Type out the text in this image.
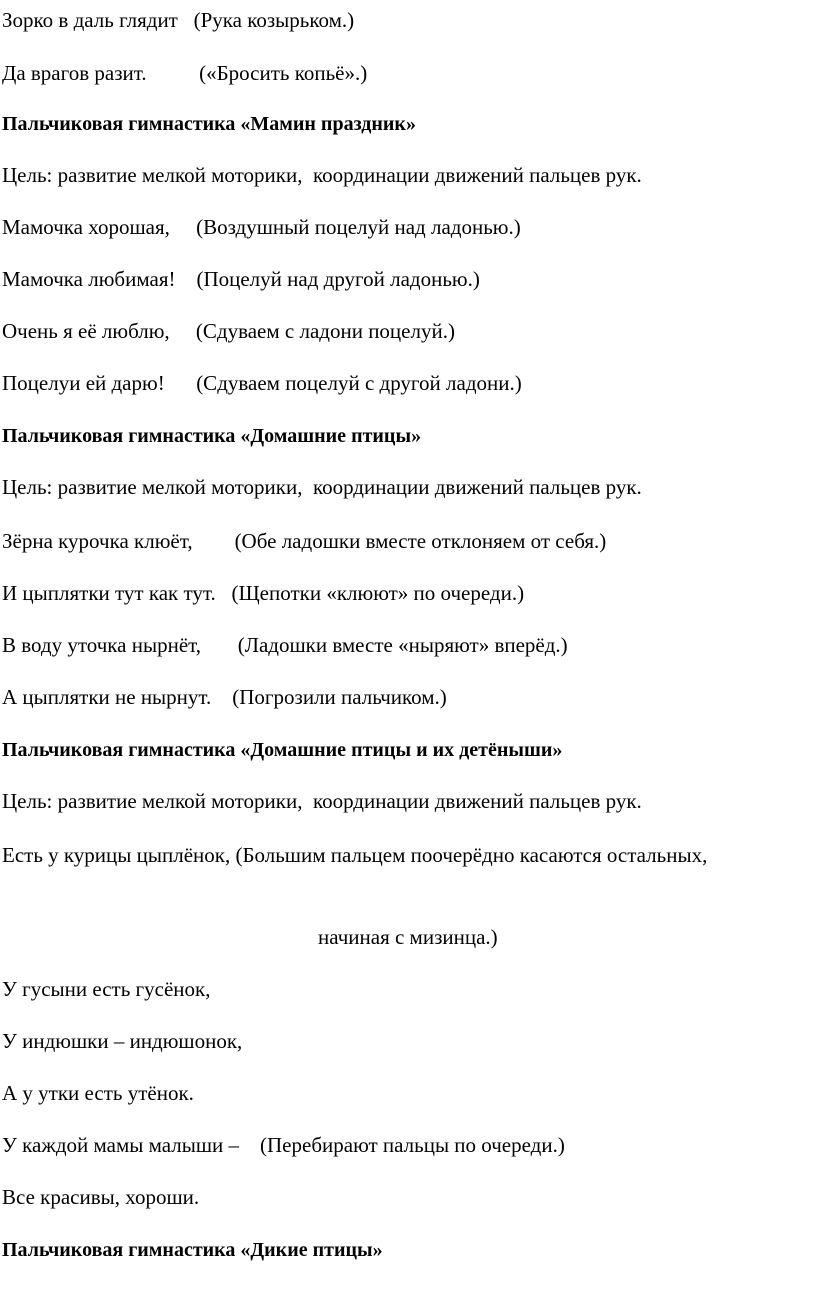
Зорко в даль глядит   (Рука козырьком.)
Да врагов разит.          («Бросить копьё».)
Пальчиковая гимнастика «Мамин праздник»
Цель: развитие мелкой моторики,  координации движений пальцев рук.
Мамочка хорошая,     (Воздушный поцелуй над ладонью.)
Мамочка любимая!    (Поцелуй над другой ладонью.)
Очень я её люблю,     (Сдуваем с ладони поцелуй.)
Поцелуи ей дарю!      (Сдуваем поцелуй с другой ладони.)
Пальчиковая гимнастика «Домашние птицы»
Цель: развитие мелкой моторики,  координации движений пальцев рук.
Зёрна курочка клюёт,        (Обе ладошки вместе отклоняем от себя.)
И цыплятки тут как тут.   (Щепотки «клюют» по очереди.)
В воду уточка нырнёт,       (Ладошки вместе «ныряют» вперёд.)
А цыплятки не нырнут.    (Погрозили пальчиком.)
Пальчиковая гимнастика «Домашние птицы и их детёныши»
Цель: развитие мелкой моторики,  координации движений пальцев рук.
Есть у курицы цыплёнок, (Большим пальцем поочерёдно касаются остальных,
начиная с мизинца.)
У гусыни есть гусёнок,
У индюшки – индюшонок,
А у утки есть утёнок.
У каждой мамы малыши –    (Перебирают пальцы по очереди.)
Все красивы, хороши.
Пальчиковая гимнастика «Дикие птицы»
